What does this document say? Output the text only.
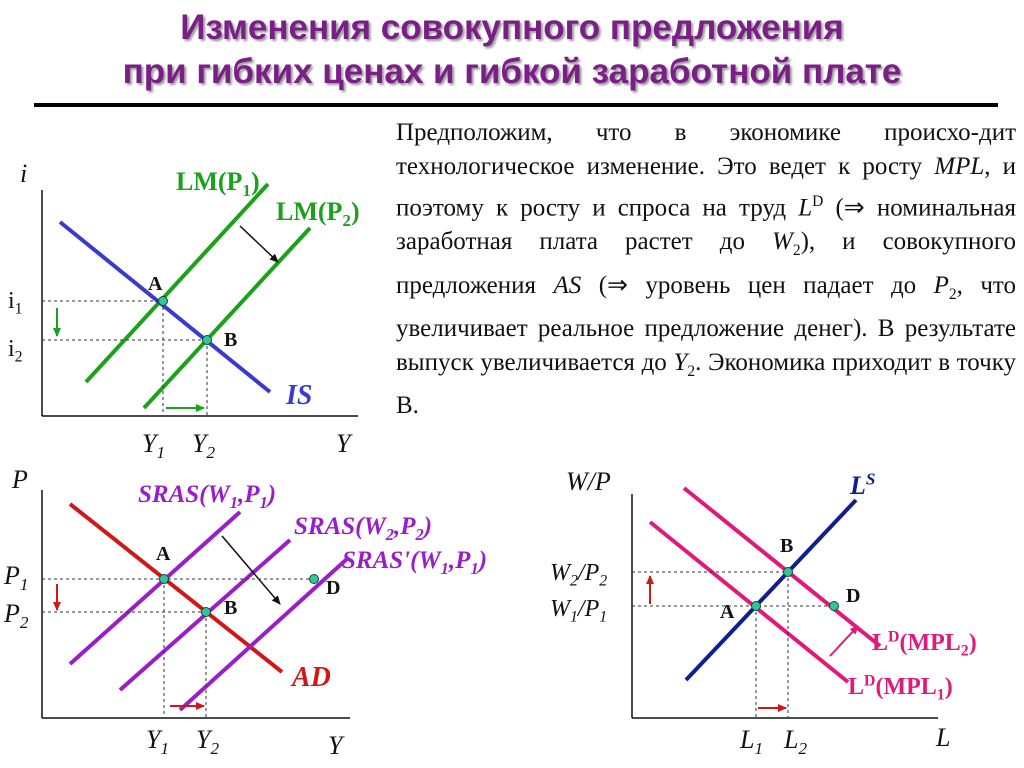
Изменения совокупного предложения
при гибких ценах и гибкой заработной плате
Предположим, что в экономике происхо-дит технологическое изменение. Это ведет к росту MPL, и поэтому к росту и спроса на труд $L^D$ (⇒ номинальная заработная плата растет до $W_2$), и совокупного предложения AS (⇒ уровень цен падает до $P_2$, что увеличивает реальное предложение денег). В результате выпуск увеличивается до $Y_2$. Экономика приходит в точку В.
i
Y
$LM(P_1)$
$LM(P_2)$
IS
A
B
$i_1$
$i_2$
$Y_1$ $Y_2$
P
Y
$SRAS(W_1,P_1)$
$SRAS(W_2,P_2)$
$SRAS'(W_1,P_1)$
AD
A
B
D
$P_1$
$P_2$
$Y_1$ $Y_2$
W/P
L
$L^S$
$L^D(MPL_2)$
$L^D(MPL_1)$
A
B
D
$W_2/P_2$
$W_1/P_1$
$L_1$ $L_2$
